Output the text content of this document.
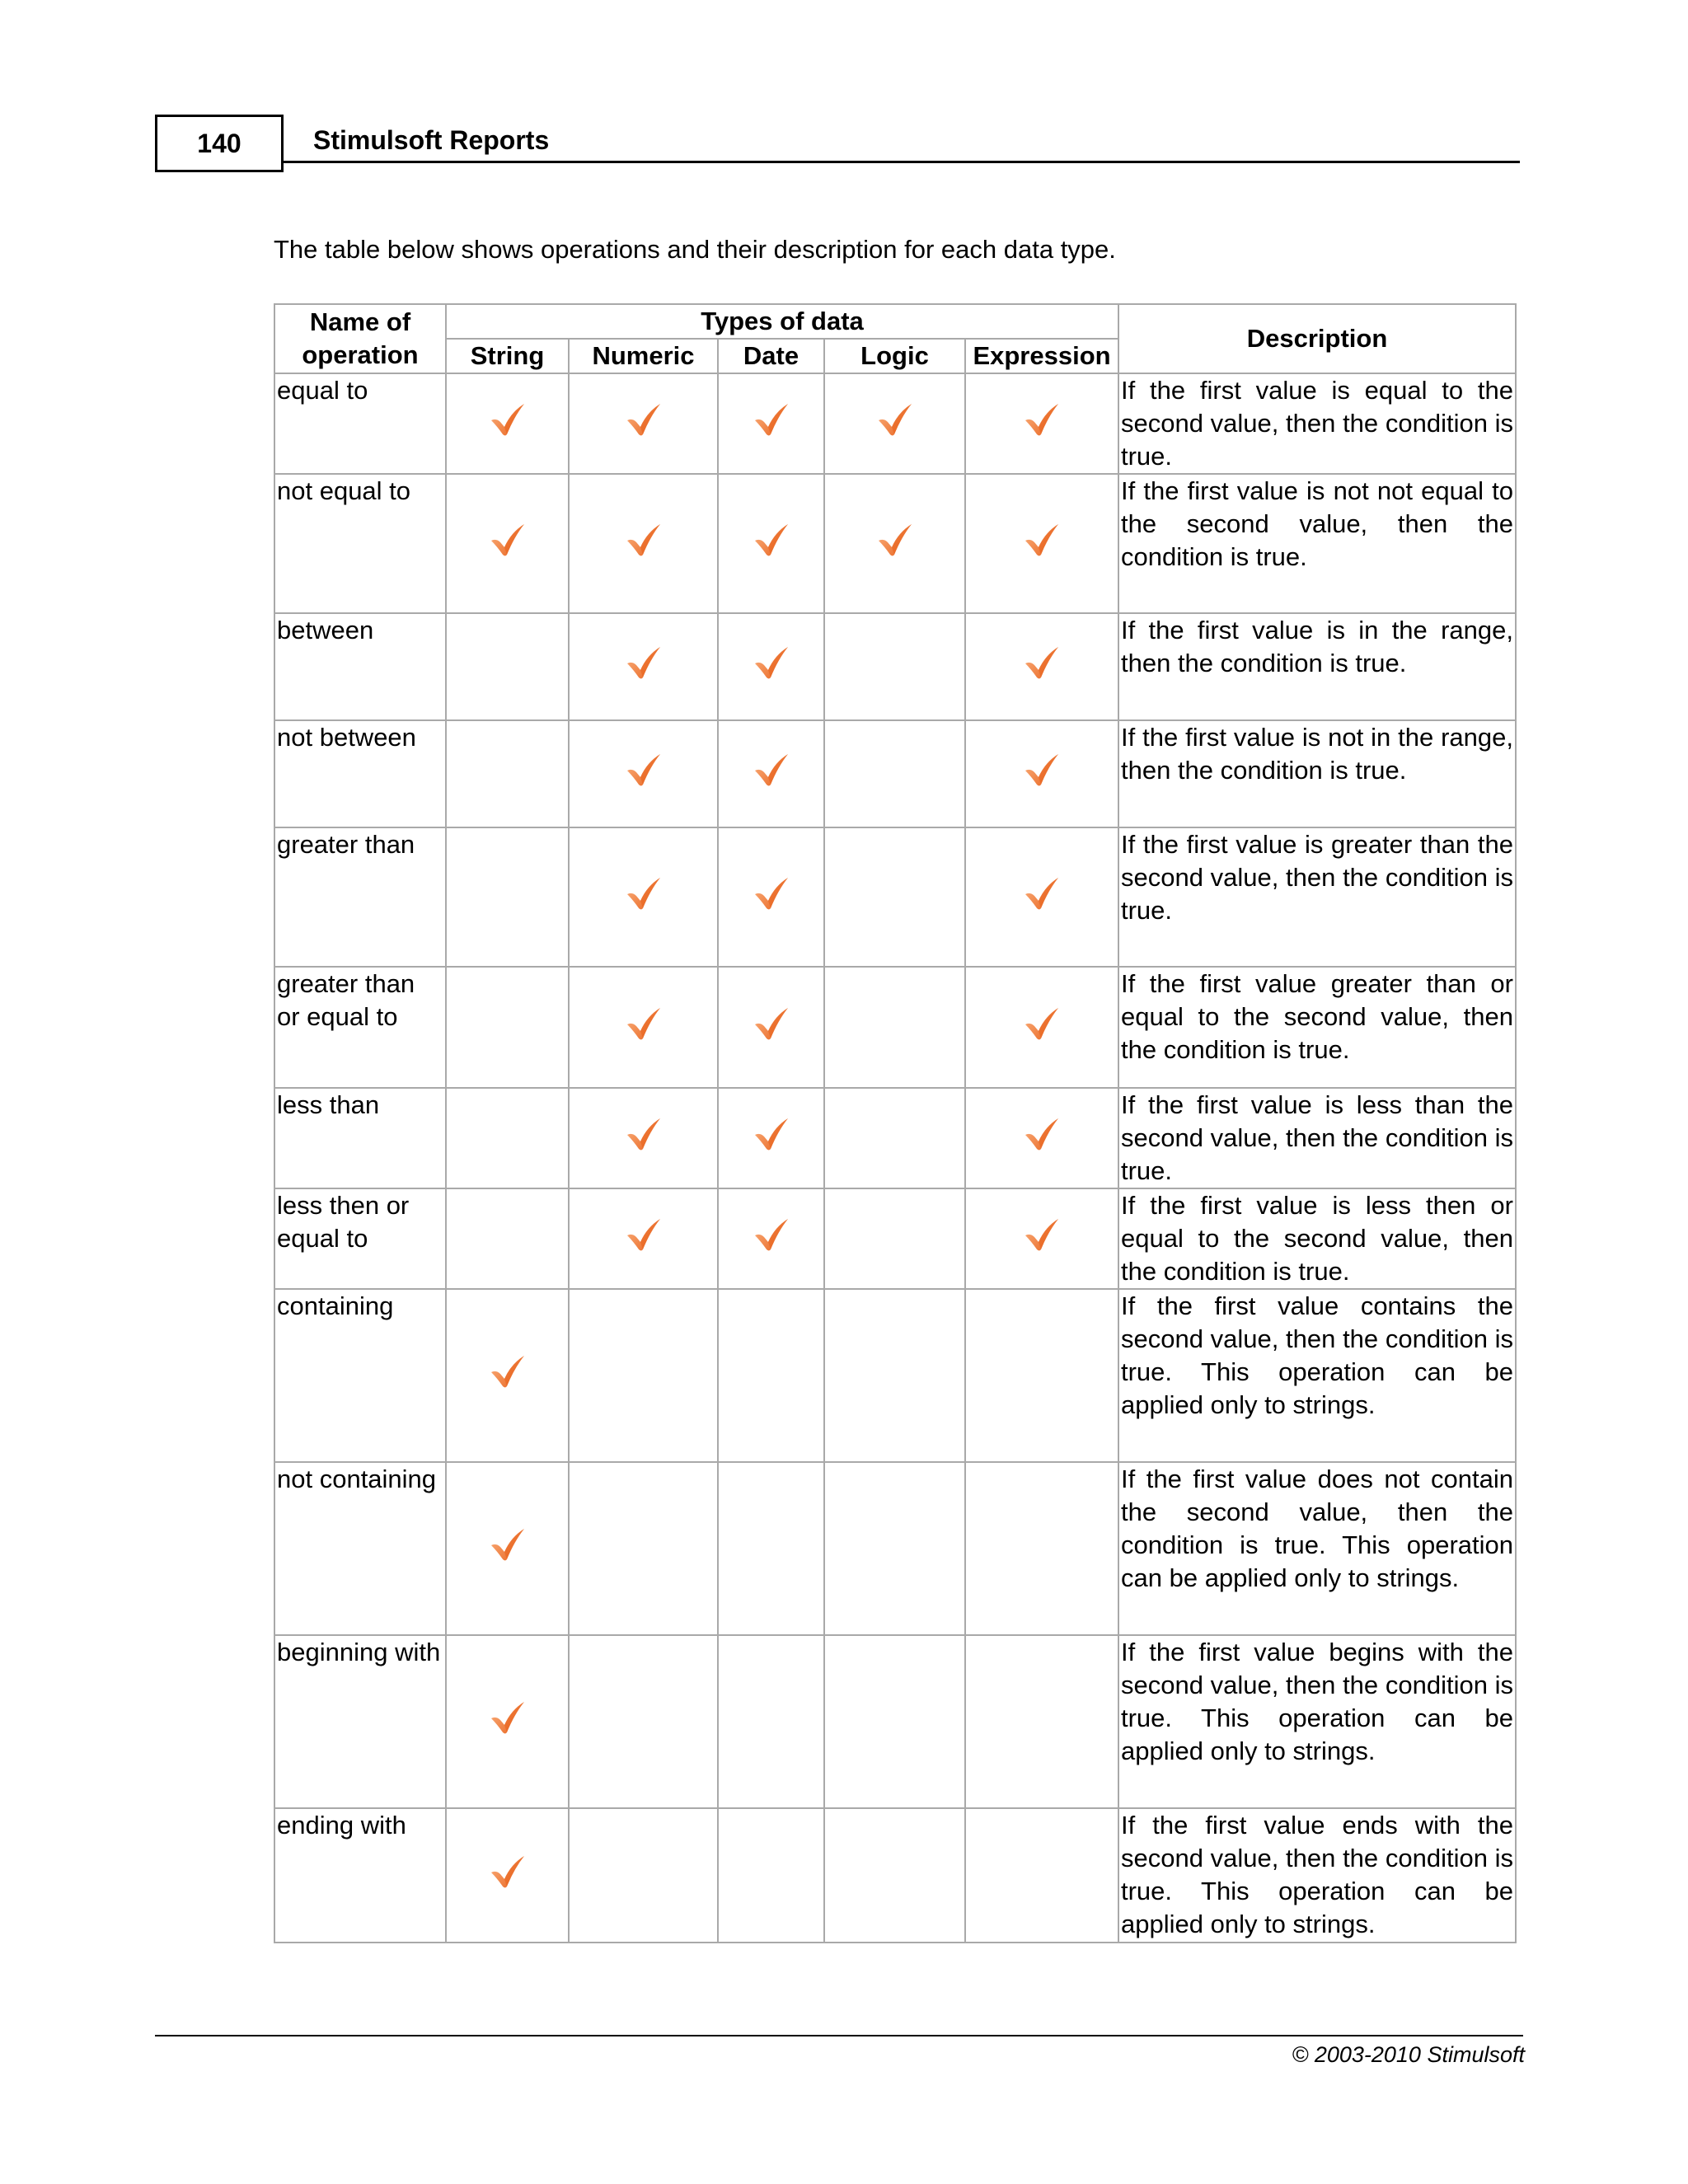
140	Stimulsoft Reports
The table below shows operations and their description for each data type.
Name of operation	Types of data					Description
	String	Numeric	Date	Logic	Expression	
equal to						If the first value is equal to the second value, then the condition is true.
not equal to						If the first value is not not equal to the second value, then the condition is true.
between						If the first value is in the range, then the condition is true.
not between						If the first value is not in the range, then the condition is true.
greater than						If the first value is greater than the second value, then the condition is true.
greater than or equal to						If the first value greater than or equal to the second value, then the condition is true.
less than						If the first value is less than the second value, then the condition is true.
less then or equal to						If the first value is less then or equal to the second value, then the condition is true.
containing						If the first value contains the second value, then the condition is true. This operation can be applied only to strings.
not containing						If the first value does not contain the second value, then the condition is true. This operation can be applied only to strings.
beginning with						If the first value begins with the second value, then the condition is true. This operation can be applied only to strings.
ending with						If the first value ends with the second value, then the condition is true. This operation can be applied only to strings.
© 2003-2010 Stimulsoft
